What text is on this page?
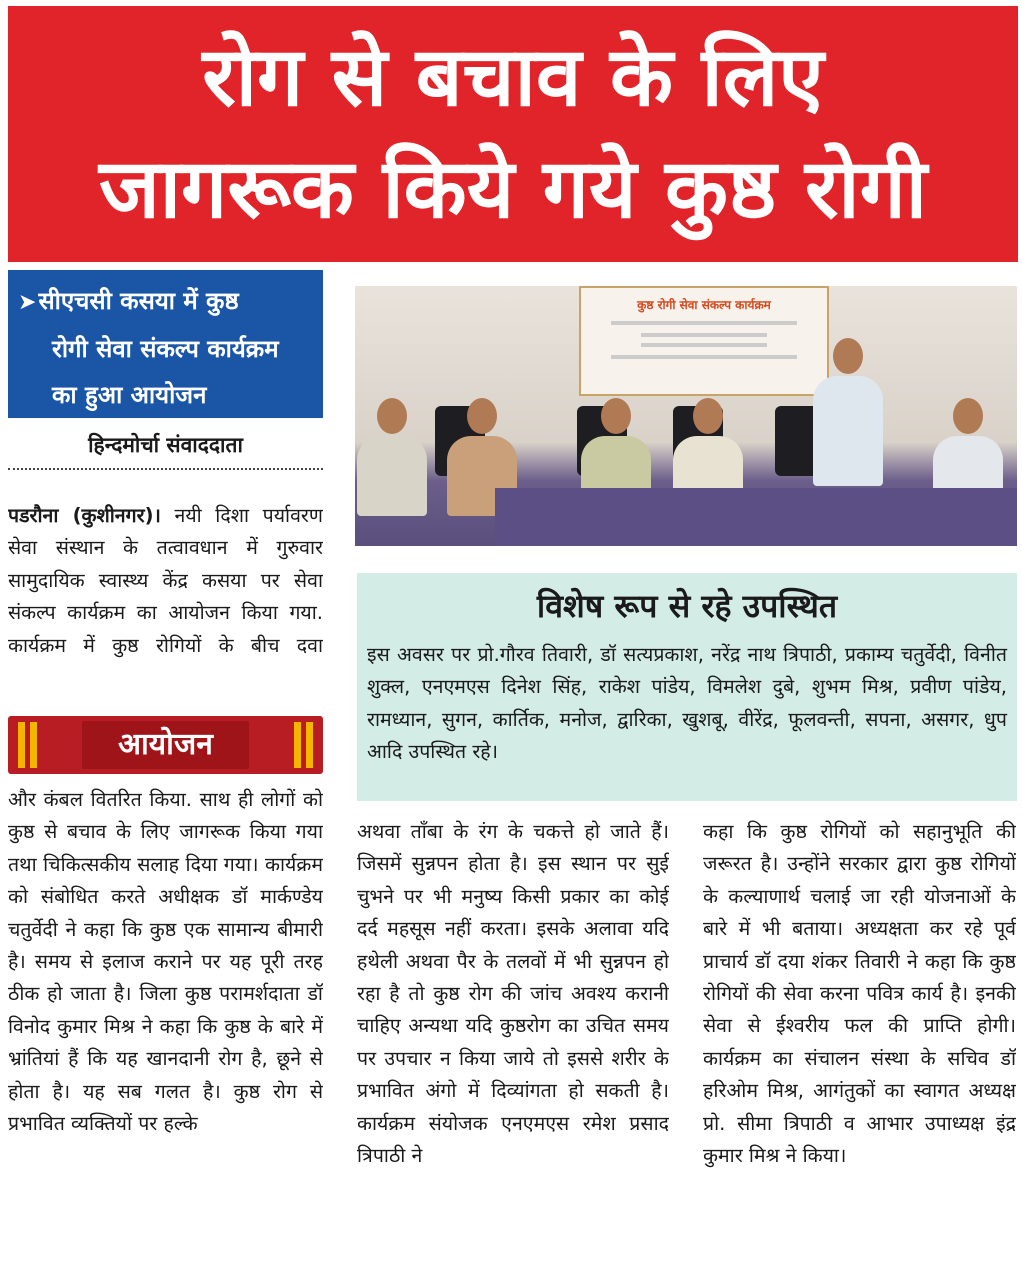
रोग से बचाव के लिए
जागरूक किये गये कुष्ठ रोगी
➤सीएचसी कसया में कुष्ठ
रोगी सेवा संकल्प कार्यक्रम
का हुआ आयोजन
हिन्दमोर्चा संवाददाता
पडरौना (कुशीनगर)। नयी दिशा पर्यावरण सेवा संस्थान के तत्वावधान में गुरुवार सामुदायिक स्वास्थ्य केंद्र कसया पर सेवा संकल्प कार्यक्रम का आयोजन किया गया. कार्यक्रम में कुष्ठ रोगियों के बीच दवा
आयोजन
कुष्ठ रोगी सेवा संकल्प कार्यक्रम
विशेष रूप से रहे उपस्थित
इस अवसर पर प्रो.गौरव तिवारी, डॉ सत्यप्रकाश, नरेंद्र नाथ त्रिपाठी, प्रकाम्य चतुर्वेदी, विनीत शुक्ल, एनएमएस दिनेश सिंह, राकेश पांडेय, विमलेश दुबे, शुभम मिश्र, प्रवीण पांडेय, रामध्यान, सुगन, कार्तिक, मनोज, द्वारिका, खुशबू, वीरेंद्र, फूलवन्ती, सपना, असगर, धुप आदि उपस्थित रहे।
और कंबल वितरित किया. साथ ही लोगों को कुष्ठ से बचाव के लिए जागरूक किया गया तथा चिकित्सकीय सलाह दिया गया। कार्यक्रम को संबोधित करते अधीक्षक डॉ मार्कण्डेय चतुर्वेदी ने कहा कि कुष्ठ एक सामान्य बीमारी है। समय से इलाज कराने पर यह पूरी तरह ठीक हो जाता है। जिला कुष्ठ परामर्शदाता डॉ विनोद कुमार मिश्र ने कहा कि कुष्ठ के बारे में भ्रांतियां हैं कि यह खानदानी रोग है, छूने से होता है। यह सब गलत है। कुष्ठ रोग से प्रभावित व्यक्तियों पर हल्के
अथवा ताँबा के रंग के चकत्ते हो जाते हैं। जिसमें सुन्नपन होता है। इस स्थान पर सुई चुभने पर भी मनुष्य किसी प्रकार का कोई दर्द महसूस नहीं करता। इसके अलावा यदि हथेली अथवा पैर के तलवों में भी सुन्नपन हो रहा है तो कुष्ठ रोग की जांच अवश्य करानी चाहिए अन्यथा यदि कुष्ठरोग का उचित समय पर उपचार न किया जाये तो इससे शरीर के प्रभावित अंगो में दिव्यांगता हो सकती है। कार्यक्रम संयोजक एनएमएस रमेश प्रसाद त्रिपाठी ने
कहा कि कुष्ठ रोगियों को सहानुभूति की जरूरत है। उन्होंने सरकार द्वारा कुष्ठ रोगियों के कल्याणार्थ चलाई जा रही योजनाओं के बारे में भी बताया। अध्यक्षता कर रहे पूर्व प्राचार्य डॉ दया शंकर तिवारी ने कहा कि कुष्ठ रोगियों की सेवा करना पवित्र कार्य है। इनकी सेवा से ईश्वरीय फल की प्राप्ति होगी। कार्यक्रम का संचालन संस्था के सचिव डॉ हरिओम मिश्र, आगंतुकों का स्वागत अध्यक्ष प्रो. सीमा त्रिपाठी व आभार उपाध्यक्ष इंद्र कुमार मिश्र ने किया।
